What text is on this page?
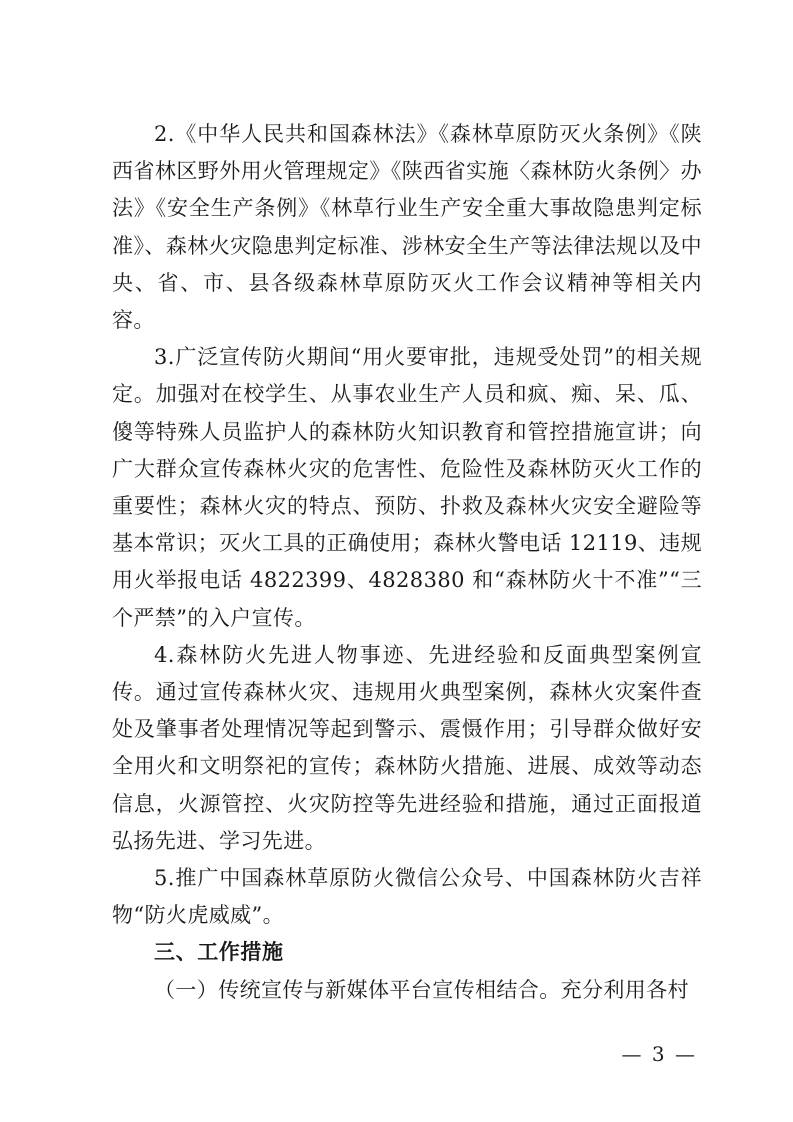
2.《中华人民共和国森林法》《森林草原防灭火条例》《陕西省林区野外用火管理规定》《陕西省实施〈森林防火条例〉办法》《安全生产条例》《林草行业生产安全重大事故隐患判定标准》、森林火灾隐患判定标准、涉林安全生产等法律法规以及中央、省、市、县各级森林草原防灭火工作会议精神等相关内容。

3.广泛宣传防火期间“用火要审批，违规受处罚”的相关规定。加强对在校学生、从事农业生产人员和疯、痴、呆、瓜、傻等特殊人员监护人的森林防火知识教育和管控措施宣讲；向广大群众宣传森林火灾的危害性、危险性及森林防灭火工作的重要性；森林火灾的特点、预防、扑救及森林火灾安全避险等基本常识；灭火工具的正确使用；森林火警电话 12119、违规用火举报电话 4822399、4828380 和“森林防火十不准”“三个严禁”的入户宣传。

4.森林防火先进人物事迹、先进经验和反面典型案例宣传。通过宣传森林火灾、违规用火典型案例，森林火灾案件查处及肇事者处理情况等起到警示、震慑作用；引导群众做好安全用火和文明祭祀的宣传；森林防火措施、进展、成效等动态信息，火源管控、火灾防控等先进经验和措施，通过正面报道弘扬先进、学习先进。

5.推广中国森林草原防火微信公众号、中国森林防火吉祥物“防火虎威威”。

三、工作措施

（一）传统宣传与新媒体平台宣传相结合。充分利用各村

— 3 —
